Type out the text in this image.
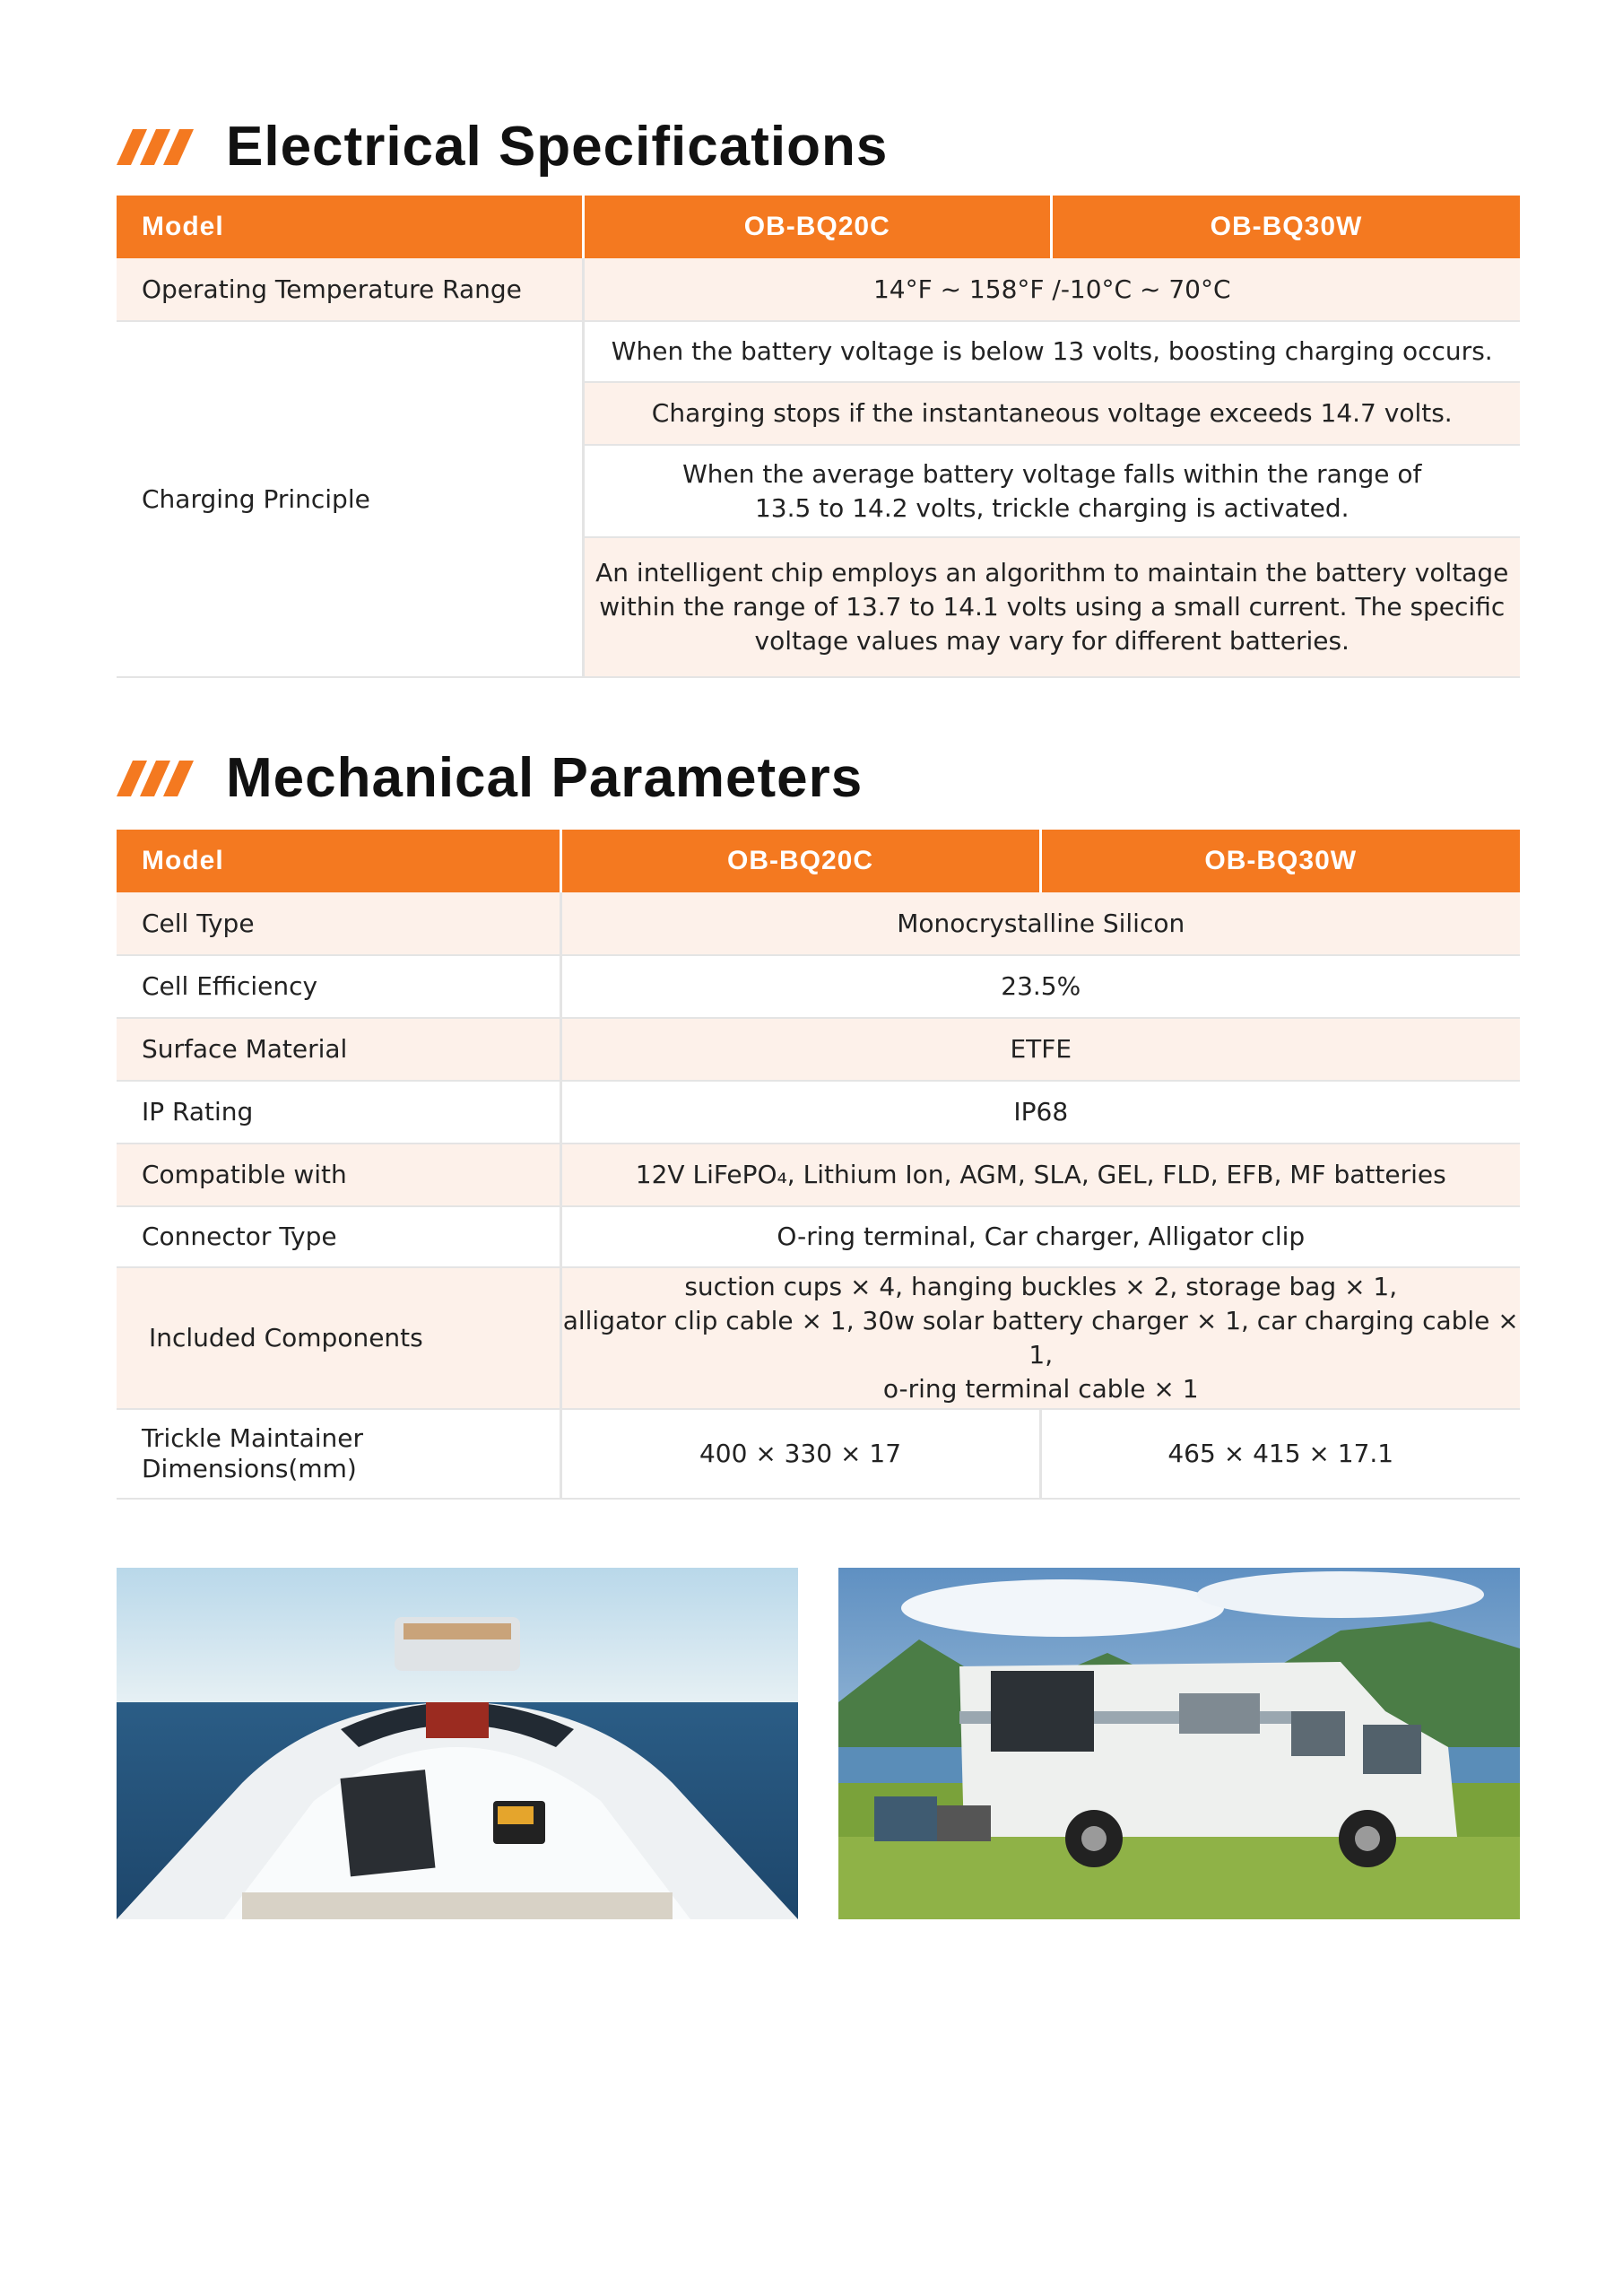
Electrical Specifications
Model	OB-BQ20C	OB-BQ30W
Operating Temperature Range	14°F ~ 158°F /-10°C ~ 70°C	
Charging Principle	When the battery voltage is below 13 volts, boosting charging occurs.	
	Charging stops if the instantaneous voltage exceeds 14.7 volts.	

	When the average battery voltage falls within the range of
13.5 to 14.2 volts, trickle charging is activated.	

	An intelligent chip employs an algorithm to maintain the battery voltage
within the range of 13.7 to 14.1 volts using a small current. The specific
voltage values may vary for different batteries.	
Mechanical Parameters
Model	OB-BQ20C	OB-BQ30W
Cell Type	Monocrystalline Silicon	
Cell Efficiency	23.5%	
Surface Material	ETFE	
IP Rating	IP68	
Compatible with	12V LiFePO₄, Lithium Ion, AGM, SLA, GEL, FLD, EFB, MF batteries	
Connector Type	O-ring terminal, Car charger, Alligator clip	
Included Components	suction cups × 4, hanging buckles × 2, storage bag × 1,
alligator clip cable × 1, 30w solar battery charger × 1, car charging cable × 1,
o-ring terminal cable × 1	

Trickle Maintainer
Dimensions(mm)	400 × 330 × 17	465 × 415 × 17.1
